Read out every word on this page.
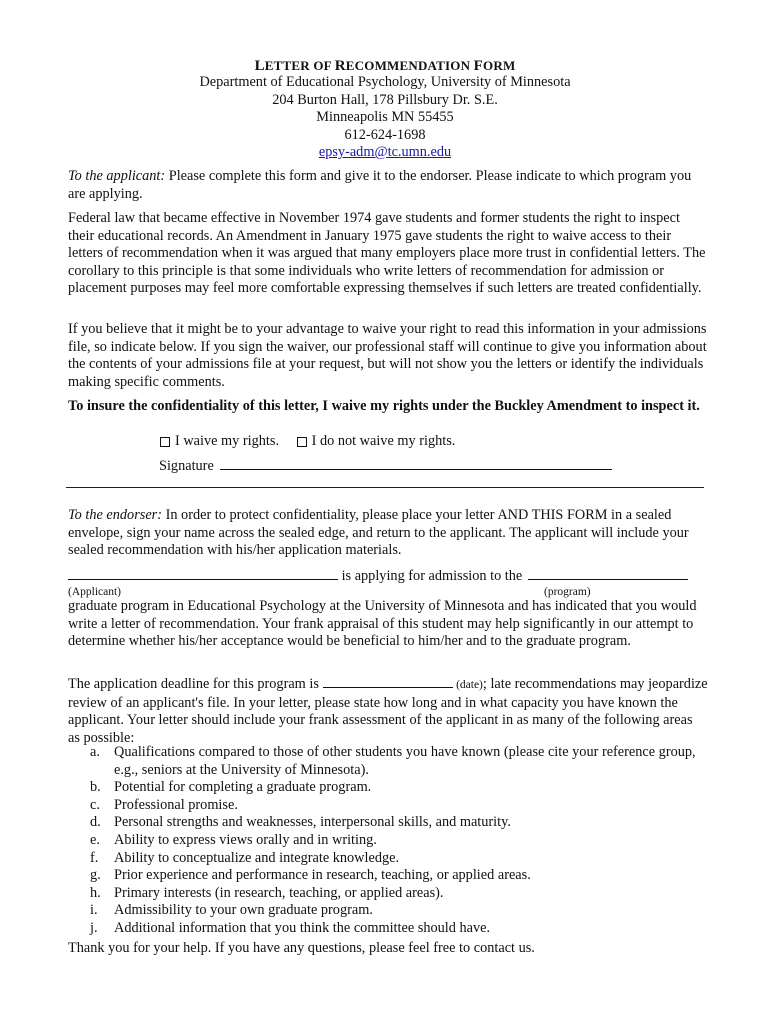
LETTER OF RECOMMENDATION FORM
Department of Educational Psychology, University of Minnesota
204 Burton Hall, 178 Pillsbury Dr. S.E.
Minneapolis MN 55455
612-624-1698
epsy-adm@tc.umn.edu
To the applicant: Please complete this form and give it to the endorser. Please indicate to which program you are applying.
Federal law that became effective in November 1974 gave students and former students the right to inspect their educational records. An Amendment in January 1975 gave students the right to waive access to their letters of recommendation when it was argued that many employers place more trust in confidential letters. The corollary to this principle is that some individuals who write letters of recommendation for admission or placement purposes may feel more comfortable expressing themselves if such letters are treated confidentially.
If you believe that it might be to your advantage to waive your right to read this information in your admissions file, so indicate below. If you sign the waiver, our professional staff will continue to give you information about the contents of your admissions file at your request, but will not show you the letters or identify the individuals making specific comments.
To insure the confidentiality of this letter, I waive my rights under the Buckley Amendment to inspect it.
I waive my rights.
I do not waive my rights.
Signature
To the endorser: In order to protect confidentiality, please place your letter AND THIS FORM in a sealed envelope, sign your name across the sealed edge, and return to the applicant. The applicant will include your sealed recommendation with his/her application materials.
is applying for admission to the
(Applicant)	(program)
graduate program in Educational Psychology at the University of Minnesota and has indicated that you would write a letter of recommendation. Your frank appraisal of this student may help significantly in our attempt to determine whether his/her acceptance would be beneficial to him/her and to the graduate program.
The application deadline for this program is	(date); late recommendations may jeopardize review of an applicant's file. In your letter, please state how long and in what capacity you have known the applicant. Your letter should include your frank assessment of the applicant in as many of the following areas as possible:
a. Qualifications compared to those of other students you have known (please cite your reference group, e.g., seniors at the University of Minnesota).
b. Potential for completing a graduate program.
c. Professional promise.
d. Personal strengths and weaknesses, interpersonal skills, and maturity.
e. Ability to express views orally and in writing.
f. Ability to conceptualize and integrate knowledge.
g. Prior experience and performance in research, teaching, or applied areas.
h. Primary interests (in research, teaching, or applied areas).
i. Admissibility to your own graduate program.
j. Additional information that you think the committee should have.
Thank you for your help. If you have any questions, please feel free to contact us.
